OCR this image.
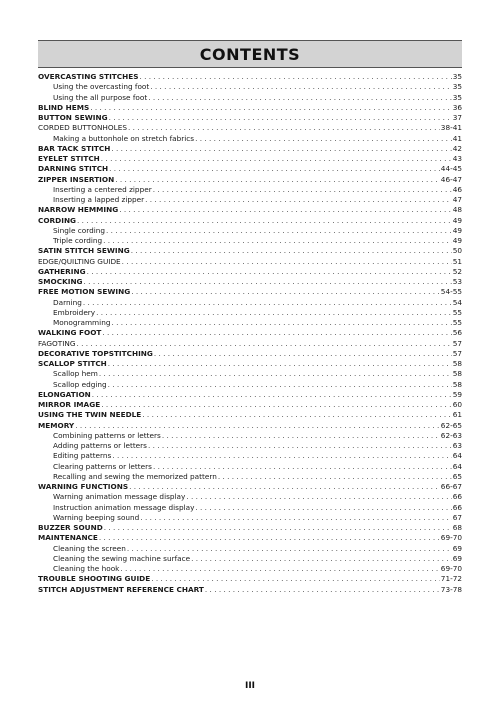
CONTENTS
OVERCASTING STITCHES . . .	35
Using the overcasting foot . . .	35
Using the all purpose foot . . .	35
BLIND HEMS . . .	36
BUTTON SEWING . . .	37
CORDED BUTTONHOLES . . .	38-41
Making a buttonhole on stretch fabrics . . .	41
BAR TACK STITCH . . .	42
EYELET STITCH . . .	43
DARNING STITCH . . .	44-45
ZIPPER INSERTION . . .	46-47
Inserting a centered zipper . . .	46
Inserting a lapped zipper . . .	47
NARROW HEMMING . . .	48
CORDING . . .	49
Single cording . . .	49
Triple cording . . .	49
SATIN STITCH SEWING . . .	50
EDGE/QUILTING GUIDE . . .	51
GATHERING . . .	52
SMOCKING . . .	53
FREE MOTION SEWING . . .	54-55
Darning . . .	54
Embroidery . . .	55
Monogramming . . .	55
WALKING FOOT . . .	56
FAGOTING . . .	57
DECORATIVE TOPSTITCHING . . .	57
SCALLOP STITCH . . .	58
Scallop hem . . .	58
Scallop edging . . .	58
ELONGATION . . .	59
MIRROR IMAGE . . .	60
USING THE TWIN NEEDLE . . .	61
MEMORY . . .	62-65
Combining patterns or letters . . .	62-63
Adding patterns or letters . . .	63
Editing patterns . . .	64
Clearing patterns or letters . . .	64
Recalling and sewing the memorized pattern . . .	65
WARNING FUNCTIONS . . .	66-67
Warning animation message display . . .	66
Instruction animation message display . . .	66
Warning beeping sound . . .	67
BUZZER SOUND . . .	68
MAINTENANCE . . .	69-70
Cleaning the screen . . .	69
Cleaning the sewing machine surface . . .	69
Cleaning the hook . . .	69-70
TROUBLE SHOOTING GUIDE . . .	71-72
STITCH ADJUSTMENT REFERENCE CHART . . .	73-78
III
